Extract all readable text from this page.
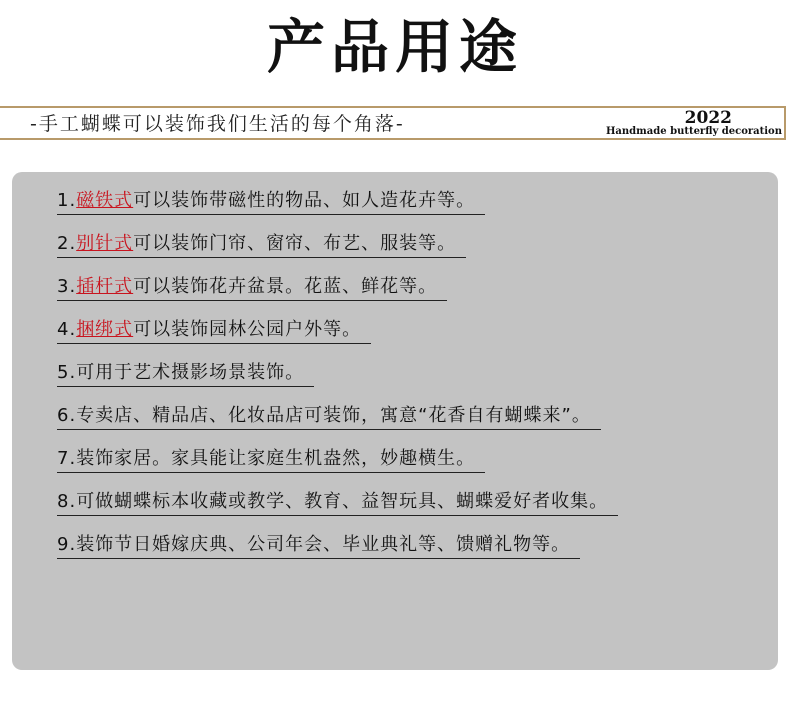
产品用途
-手工蝴蝶可以装饰我们生活的每个角落-	2022
Handmade butterfly decoration
1.磁铁式可以装饰带磁性的物品、如人造花卉等。
2.别针式可以装饰门帘、窗帘、布艺、服装等。
3.插杆式可以装饰花卉盆景。花蓝、鲜花等。
4.捆绑式可以装饰园林公园户外等。
5.可用于艺术摄影场景装饰。
6.专卖店、精品店、化妆品店可装饰，寓意“花香自有蝴蝶来”。
7.装饰家居。家具能让家庭生机盎然，妙趣横生。
8.可做蝴蝶标本收藏或教学、教育、益智玩具、蝴蝶爱好者收集。
9.装饰节日婚嫁庆典、公司年会、毕业典礼等、馈赠礼物等。
